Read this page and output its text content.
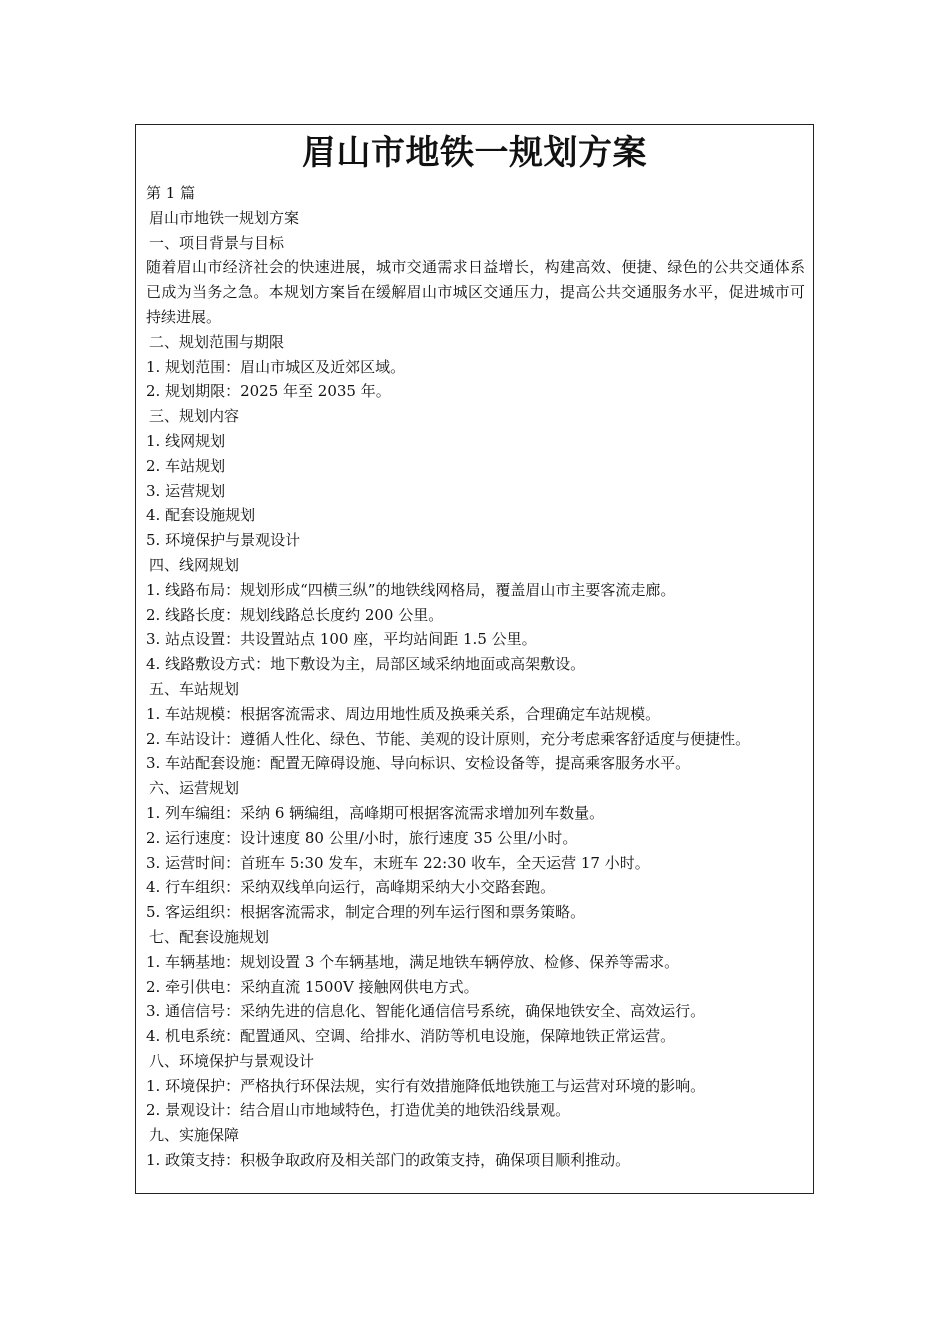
眉山市地铁一规划方案
第 1 篇
眉山市地铁一规划方案
一、项目背景与目标

随着眉山市经济社会的快速进展，城市交通需求日益增长，构建高效、便捷、绿色的公共交通体系已成为当务之急。本规划方案旨在缓解眉山市城区交通压力，提高公共交通服务水平，促进城市可持续进展。

二、规划范围与期限
1. 规划范围：眉山市城区及近郊区域。
2. 规划期限：2025 年至 2035 年。
三、规划内容
1. 线网规划
2. 车站规划
3. 运营规划
4. 配套设施规划
5. 环境保护与景观设计
四、线网规划
1. 线路布局：规划形成“四横三纵”的地铁线网格局，覆盖眉山市主要客流走廊。
2. 线路长度：规划线路总长度约 200 公里。
3. 站点设置：共设置站点 100 座，平均站间距 1.5 公里。
4. 线路敷设方式：地下敷设为主，局部区域采纳地面或高架敷设。
五、车站规划
1. 车站规模：根据客流需求、周边用地性质及换乘关系，合理确定车站规模。

2. 车站设计：遵循人性化、绿色、节能、美观的设计原则，充分考虑乘客舒适度与便捷性。

3. 车站配套设施：配置无障碍设施、导向标识、安检设备等，提高乘客服务水平。
六、运营规划
1. 列车编组：采纳 6 辆编组，高峰期可根据客流需求增加列车数量。
2. 运行速度：设计速度 80 公里/小时，旅行速度 35 公里/小时。
3. 运营时间：首班车 5:30 发车，末班车 22:30 收车，全天运营 17 小时。
4. 行车组织：采纳双线单向运行，高峰期采纳大小交路套跑。
5. 客运组织：根据客流需求，制定合理的列车运行图和票务策略。
七、配套设施规划
1. 车辆基地：规划设置 3 个车辆基地，满足地铁车辆停放、检修、保养等需求。
2. 牵引供电：采纳直流 1500V 接触网供电方式。
3. 通信信号：采纳先进的信息化、智能化通信信号系统，确保地铁安全、高效运行。
4. 机电系统：配置通风、空调、给排水、消防等机电设施，保障地铁正常运营。
八、环境保护与景观设计
1. 环境保护：严格执行环保法规，实行有效措施降低地铁施工与运营对环境的影响。
2. 景观设计：结合眉山市地域特色，打造优美的地铁沿线景观。
九、实施保障
1. 政策支持：积极争取政府及相关部门的政策支持，确保项目顺利推动。
